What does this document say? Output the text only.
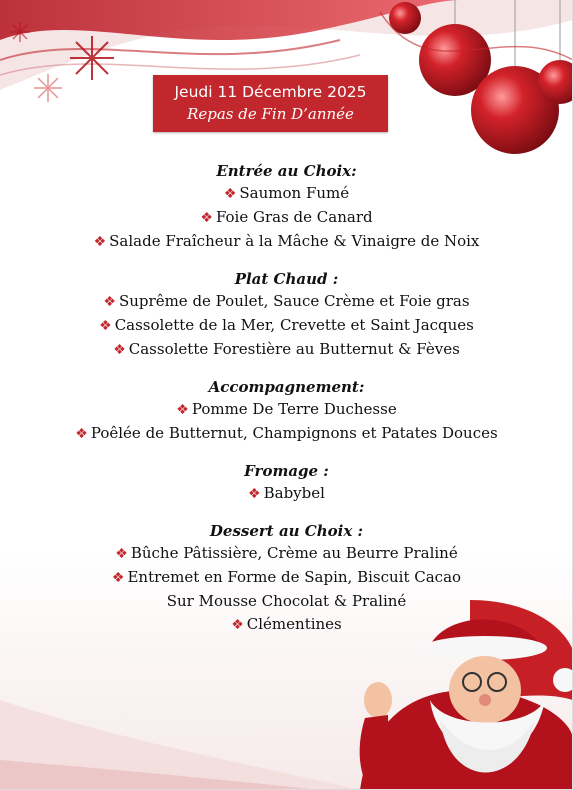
Jeudi 11 Décembre 2025
Repas de Fin D’année
Entrée au Choix:
❖ Saumon Fumé
❖ Foie Gras de Canard
❖ Salade Fraîcheur à la Mâche & Vinaigre de Noix
Plat Chaud :
❖ Suprême de Poulet, Sauce Crème et Foie gras
❖ Cassolette de la Mer, Crevette et Saint Jacques
❖ Cassolette Forestière au Butternut & Fèves
Accompagnement:
❖ Pomme De Terre Duchesse
❖ Poêlée de Butternut, Champignons et Patates Douces
Fromage :
❖ Babybel
Dessert au Choix :
❖ Bûche Pâtissière, Crème au Beurre Praliné
❖ Entremet en Forme de Sapin, Biscuit Cacao
Sur Mousse Chocolat & Praliné
❖ Clémentines
